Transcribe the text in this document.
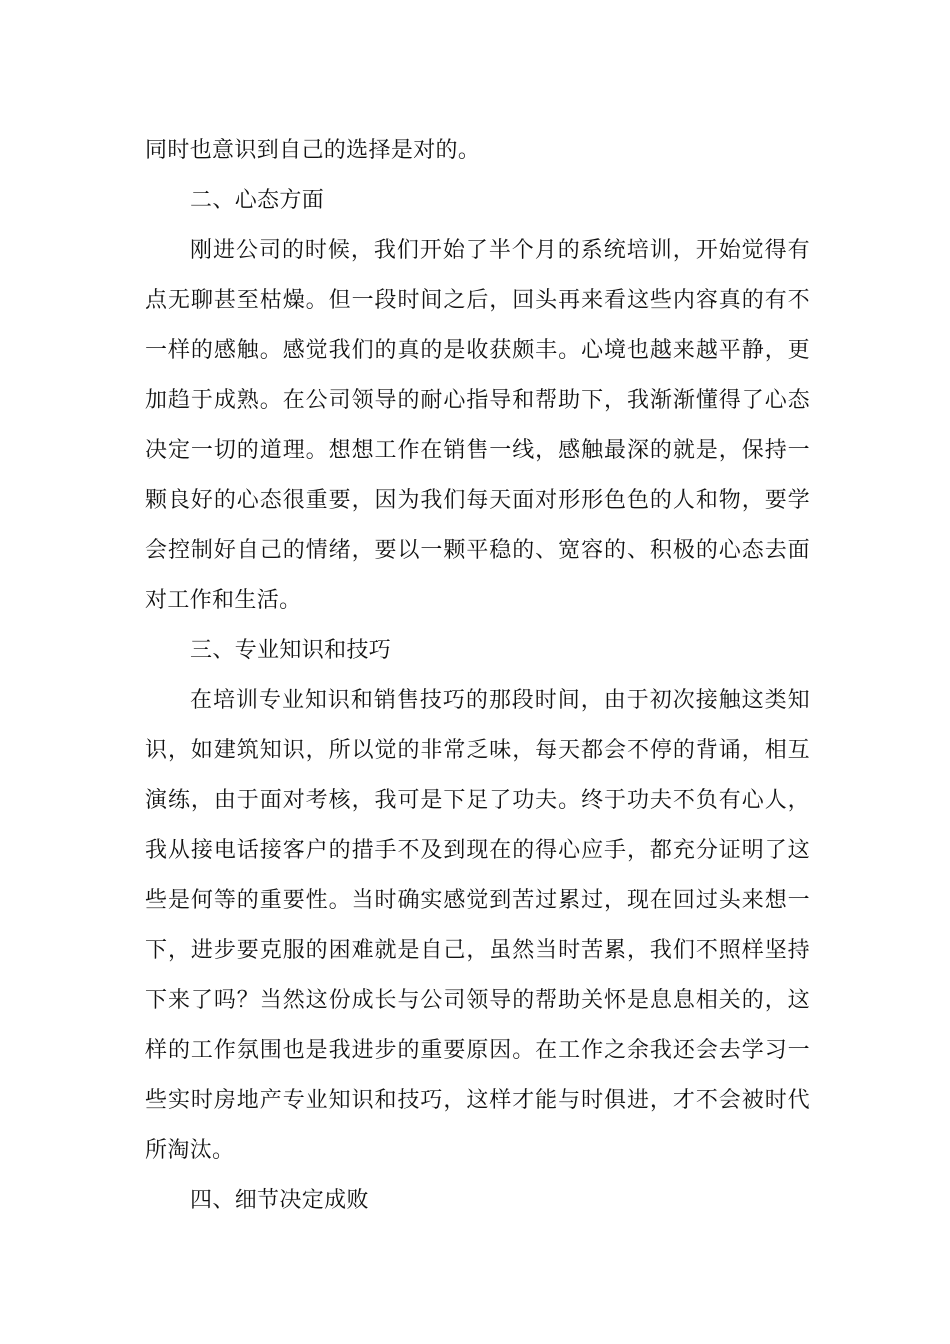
同时也意识到自己的选择是对的。
二、心态方面
刚进公司的时候，我们开始了半个月的系统培训，开始觉得有
点无聊甚至枯燥。但一段时间之后，回头再来看这些内容真的有不
一样的感触。感觉我们的真的是收获颇丰。心境也越来越平静，更
加趋于成熟。在公司领导的耐心指导和帮助下，我渐渐懂得了心态
决定一切的道理。想想工作在销售一线，感触最深的就是，保持一
颗良好的心态很重要，因为我们每天面对形形色色的人和物，要学
会控制好自己的情绪，要以一颗平稳的、宽容的、积极的心态去面
对工作和生活。
三、专业知识和技巧
在培训专业知识和销售技巧的那段时间，由于初次接触这类知
识，如建筑知识，所以觉的非常乏味，每天都会不停的背诵，相互
演练，由于面对考核，我可是下足了功夫。终于功夫不负有心人，
我从接电话接客户的措手不及到现在的得心应手，都充分证明了这
些是何等的重要性。当时确实感觉到苦过累过，现在回过头来想一
下，进步要克服的困难就是自己，虽然当时苦累，我们不照样坚持
下来了吗？当然这份成长与公司领导的帮助关怀是息息相关的，这
样的工作氛围也是我进步的重要原因。在工作之余我还会去学习一
些实时房地产专业知识和技巧，这样才能与时俱进，才不会被时代
所淘汰。
四、细节决定成败
